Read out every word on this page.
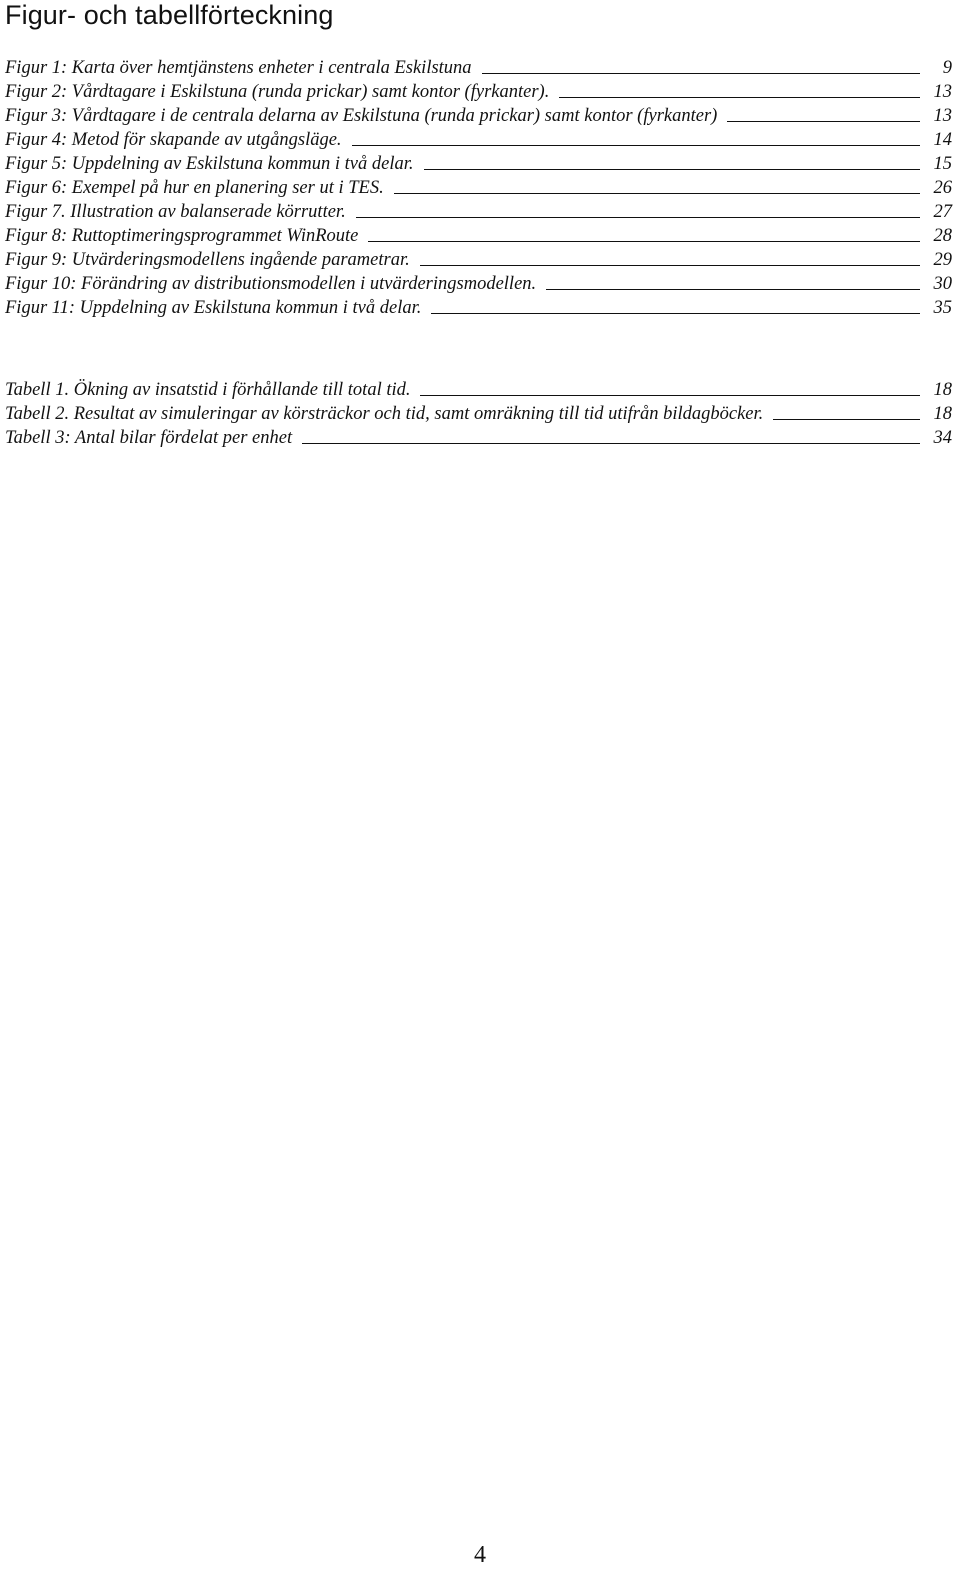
Figur- och tabellförteckning
Figur 1: Karta över hemtjänstens enheter i centrala Eskilstuna	9
Figur 2: Vårdtagare i Eskilstuna (runda prickar) samt kontor (fyrkanter).	13
Figur 3: Vårdtagare i de centrala delarna av Eskilstuna (runda prickar) samt kontor (fyrkanter)	13
Figur 4: Metod för skapande av utgångsläge.	14
Figur 5: Uppdelning av Eskilstuna kommun i två delar.	15
Figur 6: Exempel på hur en planering ser ut i TES.	26
Figur 7. Illustration av balanserade körrutter.	27
Figur 8: Ruttoptimeringsprogrammet WinRoute	28
Figur 9: Utvärderingsmodellens ingående parametrar.	29
Figur 10: Förändring av distributionsmodellen i utvärderingsmodellen.	30
Figur 11: Uppdelning av Eskilstuna kommun i två delar.	35
Tabell 1. Ökning av insatstid i förhållande till total tid.	18
Tabell 2. Resultat av simuleringar av körsträckor och tid, samt omräkning till tid utifrån bildagböcker.	18
Tabell 3: Antal bilar fördelat per enhet	34
4
